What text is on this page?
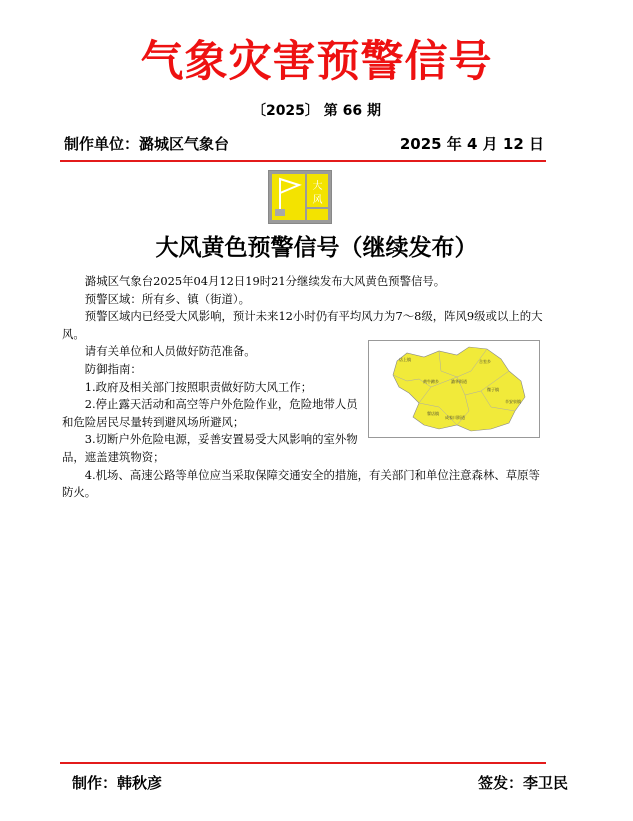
气象灾害预警信号
〔2025〕 第 66 期
制作单位：潞城区气象台	2025 年 4 月 12 日
大
风
大风黄色预警信号（继续发布）

潞城区气象台2025年04月12日19时21分继续发布大风黄色预警信号。

预警区域：所有乡、镇（街道）。

预警区域内已经受大风影响，预计未来12小时仍有平均风力为7～8级，阵风9级或以上的大风。

请有关单位和人员做好防范准备。

防御指南：

1.政府及相关部门按照职责做好防大风工作；

2.停止露天活动和高空等户外危险作业，危险地带人员和危险居民尽量转到避风场所避风；

3.切断户外危险电源，妥善安置易受大风影响的室外物品，遮盖建筑物资；

4.机场、高速公路等单位应当采取保障交通安全的措施，有关部门和单位注意森林、草原等防火。

店上镇	合室乡
黄牛蹄乡	潞华街道
成家川街道
微子镇
翟店镇
辛安泉镇
制作：韩秋彦	签发：李卫民
